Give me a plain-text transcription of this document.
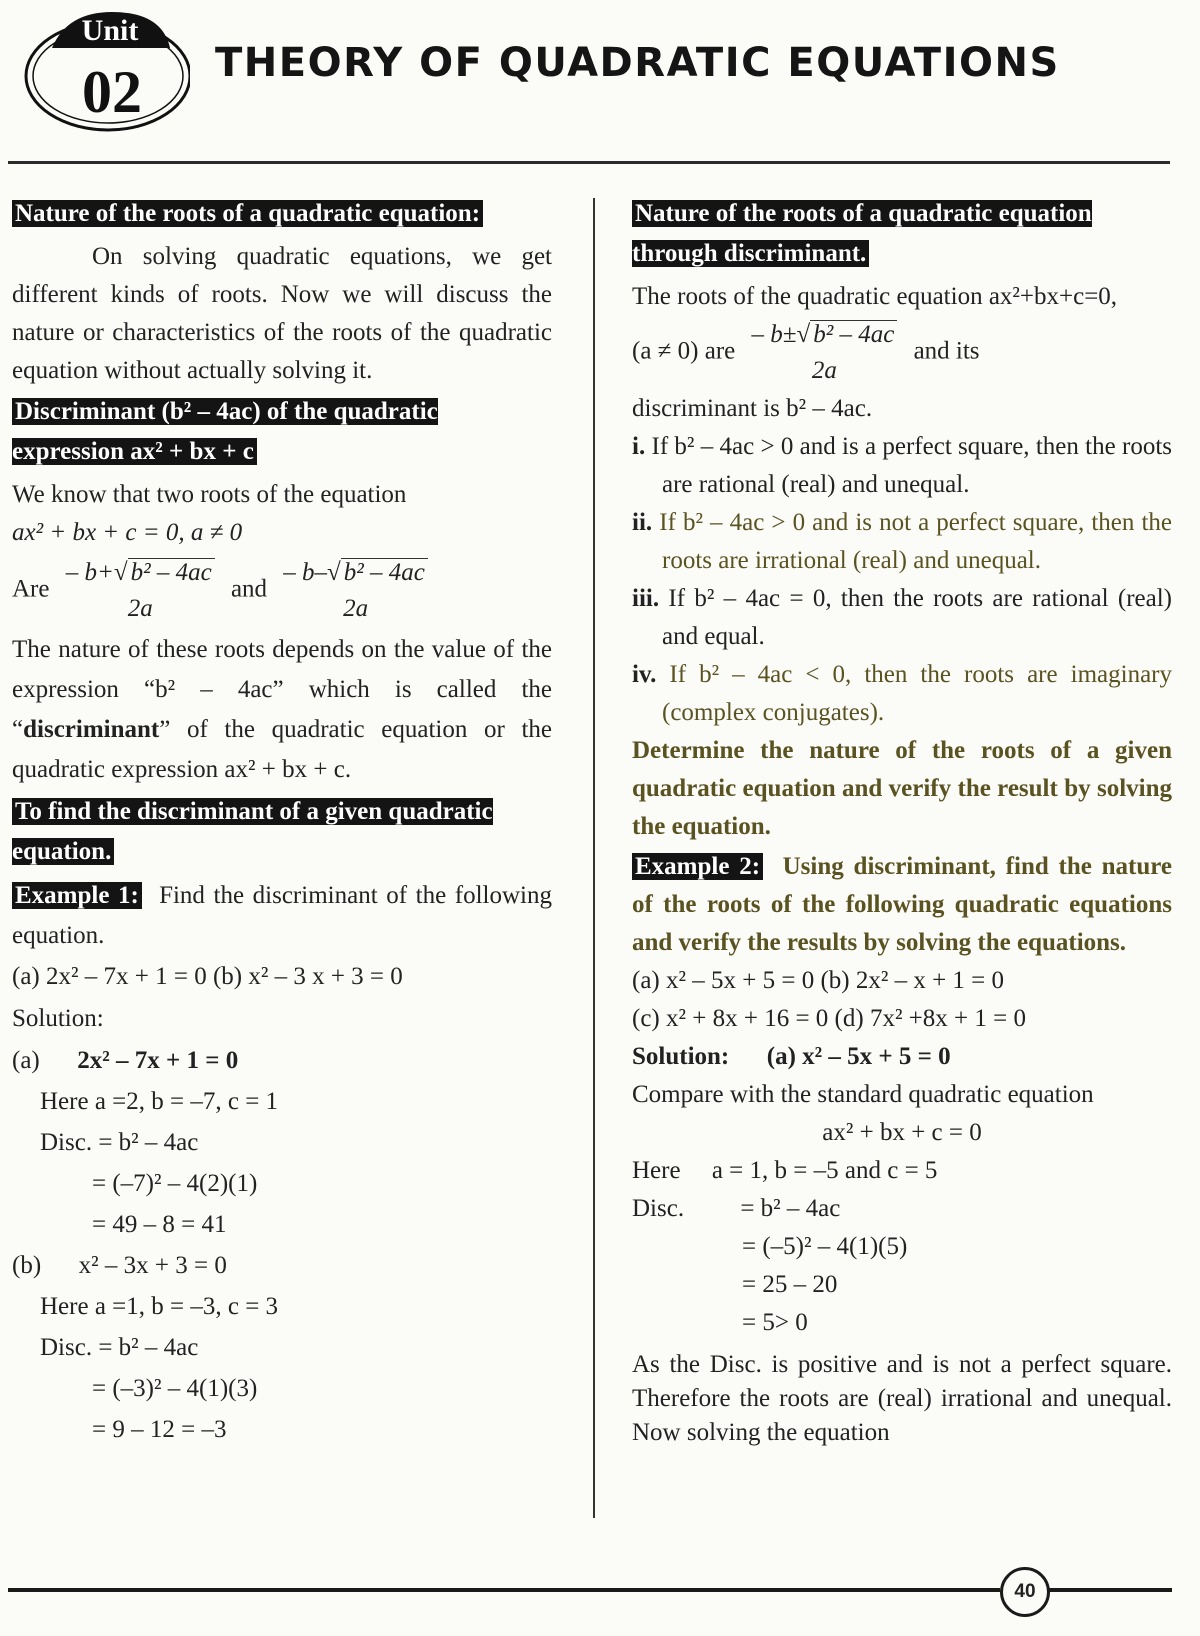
Unit
02 THEORY OF QUADRATIC EQUATIONS
Nature of the roots of a quadratic equation:

On solving quadratic equations, we get different kinds of roots. Now we will discuss the nature or characteristics of the roots of the quadratic equation without actually solving it.

Discriminant (b² – 4ac) of the quadratic expression ax² + bx + c

We know that two roots of the equation

ax² + bx + c = 0, a ≠ 0

Are
– b+√ b² – 4ac
2a
and
– b–√ b² – 4ac
2a

The nature of these roots depends on the value of the expression “b² – 4ac” which is called the “discriminant” of the quadratic equation or the quadratic expression ax² + bx + c.

To find the discriminant of a given quadratic equation.

Example 1: Find the discriminant of the following equation.

(a) 2x² – 7x + 1 = 0 (b) x² – 3 x + 3 = 0

Solution:

(a) 2x² – 7x + 1 = 0

Here a =2, b = –7, c = 1

Disc. = b² – 4ac

= (–7)² – 4(2)(1)

= 49 – 8 = 41

(b) x² – 3x + 3 = 0

Here a =1, b = –3, c = 3

Disc. = b² – 4ac

= (–3)² – 4(1)(3)

= 9 – 12 = –3

Nature of the roots of a quadratic equation through discriminant.

The roots of the quadratic equation ax²+bx+c=0,

(a ≠ 0) are
– b±√ b² – 4ac
2a
and its

discriminant is b² – 4ac.

i. If b² – 4ac > 0 and is a perfect square, then the roots are rational (real) and unequal.

ii. If b² – 4ac > 0 and is not a perfect square, then the roots are irrational (real) and unequal.

iii. If b² – 4ac = 0, then the roots are rational (real) and equal.

iv. If b² – 4ac < 0, then the roots are imaginary (complex conjugates).

Determine the nature of the roots of a given quadratic equation and verify the result by solving the equation.

Example 2: Using discriminant, find the nature of the roots of the following quadratic equations and verify the results by solving the equations.

(a) x² – 5x + 5 = 0 (b) 2x² – x + 1 = 0

(c) x² + 8x + 16 = 0 (d) 7x² +8x + 1 = 0

Solution: (a) x² – 5x + 5 = 0

Compare with the standard quadratic equation

ax² + bx + c = 0

Here a = 1, b = –5 and c = 5

Disc. = b² – 4ac

= (–5)² – 4(1)(5)

= 25 – 20

= 5> 0

As the Disc. is positive and is not a perfect square. Therefore the roots are (real) irrational and unequal. Now solving the equation

40
